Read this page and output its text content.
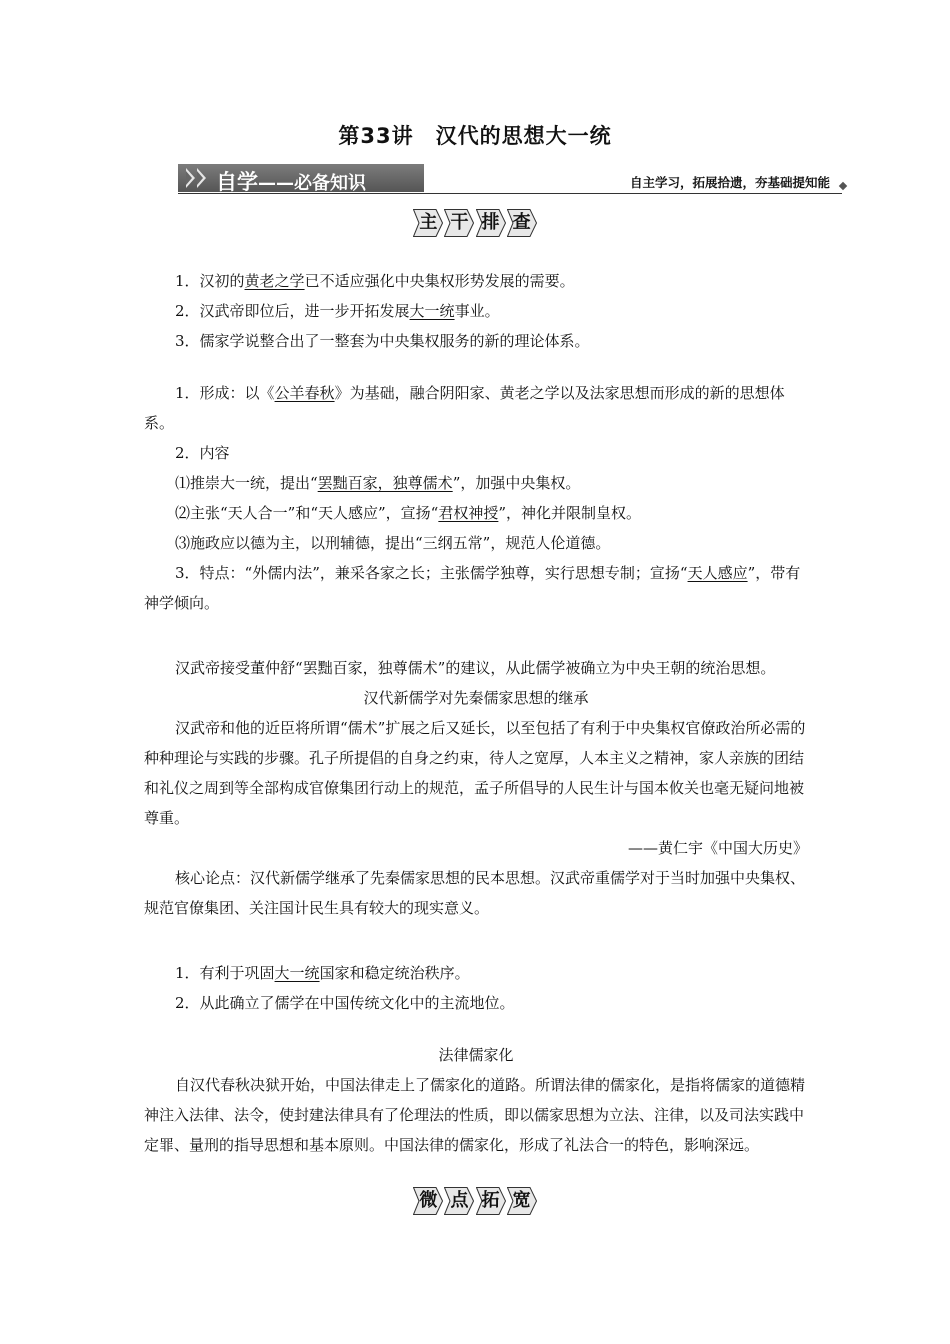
第33讲 汉代的思想大一统
自学——必备知识	自主学习，拓展拾遗，夯基础提知能
主
干
排
查

1．汉初的黄老之学已不适应强化中央集权形势发展的需要。

2．汉武帝即位后，进一步开拓发展大一统事业。

3．儒家学说整合出了一整套为中央集权服务的新的理论体系。

1．形成：以《公羊春秋》为基础，融合阴阳家、黄老之学以及法家思想而形成的新的思想体系。

2．内容

⑴推崇大一统，提出“罢黜百家，独尊儒术”，加强中央集权。

⑵主张“天人合一”和“天人感应”，宣扬“君权神授”，神化并限制皇权。

⑶施政应以德为主，以刑辅德，提出“三纲五常”，规范人伦道德。

3．特点：“外儒内法”，兼采各家之长；主张儒学独尊，实行思想专制；宣扬“天人感应”，带有神学倾向。

汉武帝接受董仲舒“罢黜百家，独尊儒术”的建议，从此儒学被确立为中央王朝的统治思想。

汉代新儒学对先秦儒家思想的继承

汉武帝和他的近臣将所谓“儒术”扩展之后又延长，以至包括了有利于中央集权官僚政治所必需的种种理论与实践的步骤。孔子所提倡的自身之约束，待人之宽厚，人本主义之精神，家人亲族的团结和礼仪之周到等全部构成官僚集团行动上的规范，孟子所倡导的人民生计与国本攸关也毫无疑问地被尊重。

——黄仁宇《中国大历史》

核心论点：汉代新儒学继承了先秦儒家思想的民本思想。汉武帝重儒学对于当时加强中央集权、规范官僚集团、关注国计民生具有较大的现实意义。

1．有利于巩固大一统国家和稳定统治秩序。

2．从此确立了儒学在中国传统文化中的主流地位。

法律儒家化

自汉代春秋决狱开始，中国法律走上了儒家化的道路。所谓法律的儒家化，是指将儒家的道德精神注入法律、法令，使封建法律具有了伦理法的性质，即以儒家思想为立法、注律，以及司法实践中定罪、量刑的指导思想和基本原则。中国法律的儒家化，形成了礼法合一的特色，影响深远。

微
点
拓
宽
